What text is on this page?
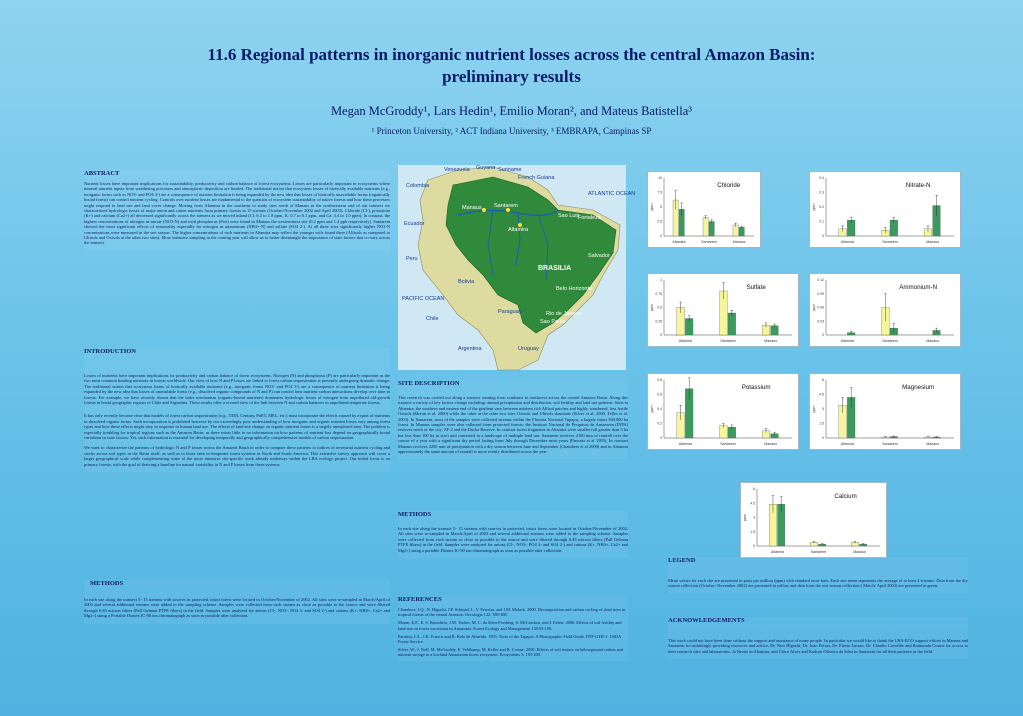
11.6 Regional patterns in inorganic nutrient losses across the central Amazon Basin:
preliminary results
Megan McGroddy¹, Lars Hedin¹, Emilio Moran², and Mateus Batistella³
¹ Princeton University, ² ACT Indiana University, ³ EMBRAPA, Campinas SP
ABSTRACT
Nutrient losses have important implications for sustainability, productivity and carbon balance of forest ecosystems. Losses are particularly important in ecosystems where mineral nutrient inputs from weathering processes and atmospheric deposition are limited. The traditional notion that ecosystem losses of biotically available nutrients (e.g., inorganic forms such as NO3- and PO4 3-) are a consequence of nutrient limitation is being expanded by the new idea that losses of biotically unavailable forms (organically bound forms) can control nutrient cycling. Controls over nutrient losses are fundamental to the question of ecosystem sustainability of native forests and how these processes might respond to land use and land cover change. Moving from Altamira in the southeast to study sites north of Manaus in the northwestern end of our transect we characterized hydrologic losses of major anion and cation nutrients from primary forests in 15 streams (October-November 2002 and April 2003). Chloride (Cl-), potassium (K+) and calcium (Ca2+) all decreased significantly across the transect as we moved inland (Cl: 6.2 to 1.8 ppm, K: 0.7 to 0.1 ppm, and Ca: 4.4 to 1.0 ppm). In contrast, the highest concentrations of nitrogen as nitrate (NO3-N) and total phosphorus (Ptot) were found in Manaus the westernmost site (0.2 ppm and 1.4 ppb respectively). Santarem showed the most significant effects of seasonality especially for nitrogen as ammonium (NH4+-N) and sulfate (SO4 2-). At all three sites significantly higher NO3-N concentrations were measured in the wet season. The higher concentrations of rock nutrients in Altamira may reflect the younger soils found there (Alfisols as compared to Ultisols and Oxisols at the other two sites). More intensive sampling in the coming year will allow us to better disentangle the importance of state factors that co-vary across the transect.
INTRODUCTION
Losses of nutrients have important implications for productivity and carbon balance of forest ecosystems. Nitrogen (N) and phosphorus (P) are particularly important as the two most common limiting nutrients in forests worldwide. Our view of how N and P losses are linked to forest carbon sequestration is presently undergoing dramatic change. The traditional notion that ecosystem losses of biotically available nutrients (e.g., inorganic forms NO3- and PO4 3-) are a consequence of nutrient limitation is being expanded by the new idea that losses of unavailable forms (e.g., dissolved organic compounds of N and P) can control how nutrient-carbon interactions develop over time in forests. For example, we have recently shown that the latter mechanism (organic-bound nutrients) dominates hydrologic losses of nitrogen from unpolluted old-growth forests in broad geographic regions of Chile and Argentina. These results offer a revised view of the link between N and carbon balances in unpolluted temperate forests.
It has only recently become clear that models of forest carbon sequestration (e.g., TEM, Century, PnET, MEL, etc.) must incorporate the effects caused by export of nutrients in dissolved organic forms. Such incorporation is prohibited however by our exceedingly poor understanding of how inorganic and organic nutrient losses vary among forest types and how these effects might vary in response to human land use. The effects of land-use change on organic nutrient losses is a largely unexplored area. The problem is especially troubling for tropical regions such as the Amazon Basin, as there exists little to no information on how patterns of nutrient loss depend on geographically broad variations in state factors. Yet, such information is essential for developing temporally and geographically comprehensive models of carbon sequestration.
We want to characterize the patterns of hydrologic N and P losses across the Amazon Basin in order to compare these patterns to indices of terrestrial nutrient cycling and stocks across soil types in the Basin itself, as well as to those seen in temperate forest systems in North and South America. This extensive survey approach will cover a larger geographical scale while complementing some of the more intensive site-specific work already underway within the LBA ecology project. Our initial focus is on primary forests, with the goal of deriving a baseline for natural variability in N and P losses from these systems.
METHODS
In each site along the transect 5- 15 streams with sources in protected, intact forest were located in October/November of 2002. All sites were re-sampled in March/April of 2003 and several additional streams were added to the sampling scheme. Samples were collected from each stream as close as possible to the source and were filtered through 0.45 micron filters (Pall Gelman PTFE filters) in the field. Samples were analyzed for anions (Cl-, NO3-, PO4 3- and SO4 2-) and cations (K+, NH4+, Ca2+ and Mg2+) using a Portable Dionex IC-90 ion chromatograph as soon as possible after collection.
Venezuela Guyana Suriname
French Guiana
Colombia
ATLANTIC OCEAN
Manaus Santarem
Sao Luis
Fortaleza
Altamira
Ecuador
Peru
BRASILIA
Salvador
Bolivia
Belo Horizonte
PACIFIC OCEAN
Chile
Paraguay	Rio de Janeiro
Sao Paulo
Argentina	Uruguay
SITE DESCRIPTION
This research was carried out along a transect running from southeast to northwest across the central Amazon Basin. Along this transect a variety of key factors change including: annual precipitation and distribution, soil fertility and land use patterns. Soils in Altamira, the southern and eastern end of the gradient vary between nutrient rich Alfisol patches and highly weathered, less fertile Oxisols (Moran et al. 2000) while the other at the other two sites Oxisols and Ultisols dominate (Silver et al. 2000, Telles et al. 2003). In Santarem, most of the samples were collected streams within the Floresta Nacional Tapajos, a largely intact 560,000 ha forest. In Manaus samples were also collected from protected forests: the Instituto Nacional de Pesquisas da Amazonia (INPA) reserves north of the city, ZF-2 and the Ducke Reserve. In contrast forest fragments in Altamira were smaller (all greater than 5 ha but less than 100 ha in size) and contained in a landscape of multiple land use. Santarem receives 2100 mm of rainfall over the course of a year with a significant dry period lasting from July through December most years (Parrotta et al 1995). In contrast Manaus receives 2200 mm of precipitation with a dry season between June and September (Chambers et al 2000) and in Altamira approximately the same amount of rainfall is more evenly distributed across the year.
METHODS
In each site along the transect 5- 15 streams with sources in protected, intact forest were located in October/November of 2002. All sites were re-sampled in March/April of 2003 and several additional streams were added to the sampling scheme. Samples were collected from each stream as close as possible to the source and were filtered through 0.45 micron filters (Pall Gelman PTFE filters) in the field. Samples were analyzed for anions (Cl-, NO3-, PO4 3- and SO4 2-) and cations (K+, NH4+, Ca2+ and Mg2+) using a portable Dionex IC-90 ion chromatograph as soon as possible after collection.
REFERENCES
Chambers, J.Q., N. Higuchi, J.P. Schimel, L. V. Ferreira, and J.M. Melack. 2000. Decomposition and carbon cycling of dead trees in tropical forests of the central Amazon. Oecologia 122: 380-388.
Moran, E.F., E. S. Brondizio, J.M. Tucker, M. C. da Silva-Forsberg, S. McCracken, and I. Falesi. 2000. Effects of soil fertility and land-use on forest succession in Amazonia. Forest Ecology and Management 139:93-108.
Parrotta, J.A., J.K. Francis and R. Rolo de Almeida. 1995. Trees of the Tapajos: A Photographic Field Guide. IITF-GTR-1. USDA Forest Service.
Silver, W., J. Neff, M. McGroddy, E. Veldkamp, M. Keller and R. Cosme. 2000. Effects of soil texture on belowground carbon and nutrient storage in a lowland Amazonian forest ecosystem. Ecosystems 3: 193-209.
0
2.5
5
7.5
10
ppm
Chloride
Altamira	Santarem	Manaus
0
0.1
0.2
0.3
0.4
ppm
Nitrate-N
Altamira	Santarem	Manaus
0
0.25
0.5
0.75
1
ppm
Sulfate
Altamira	Santarem	Manaus
0
0.03
0.06
0.09
0.12
ppm
Ammonium-N
Altamira	Santarem	Manaus
0
0.2
0.4
0.6
0.8
ppm
Potassium
Altamira	Santarem	Manaus
0
1.5
3
4.5
6
ppm
Magnesium
Altamira	Santarem	Manaus
0
1.5
3
4.5
6
ppm
Calcium
Altamira	Santarem	Manaus
LEGEND
Mean values for each site are presented in parts per million (ppm) with standard error bars. Each site mean represents the average of at least 4 streams. Data from the dry season collection (October/ November 2002) are presented in yellow and data from the wet season collection ( March/ April 2003) are presented in green.
ACKNOWLEDGEMENTS
This work could not have been done without the support and assistance of many people. In particular we would like to thank the LBA-ECO support offices in Manaus and Santarem for unfailingly providing resources and advice, Dr. Niro Higuchi, Dr. Joao Ferraz, Dr. Flavio Luizao, Dr. Claudio Carvalho and Raimundo Cosme for access to their research sites and laboratories, Jo Bruno in Altamira, and Chico Alves and Kadson Oliveira da Silva in Santarem for all their patience in the field.
